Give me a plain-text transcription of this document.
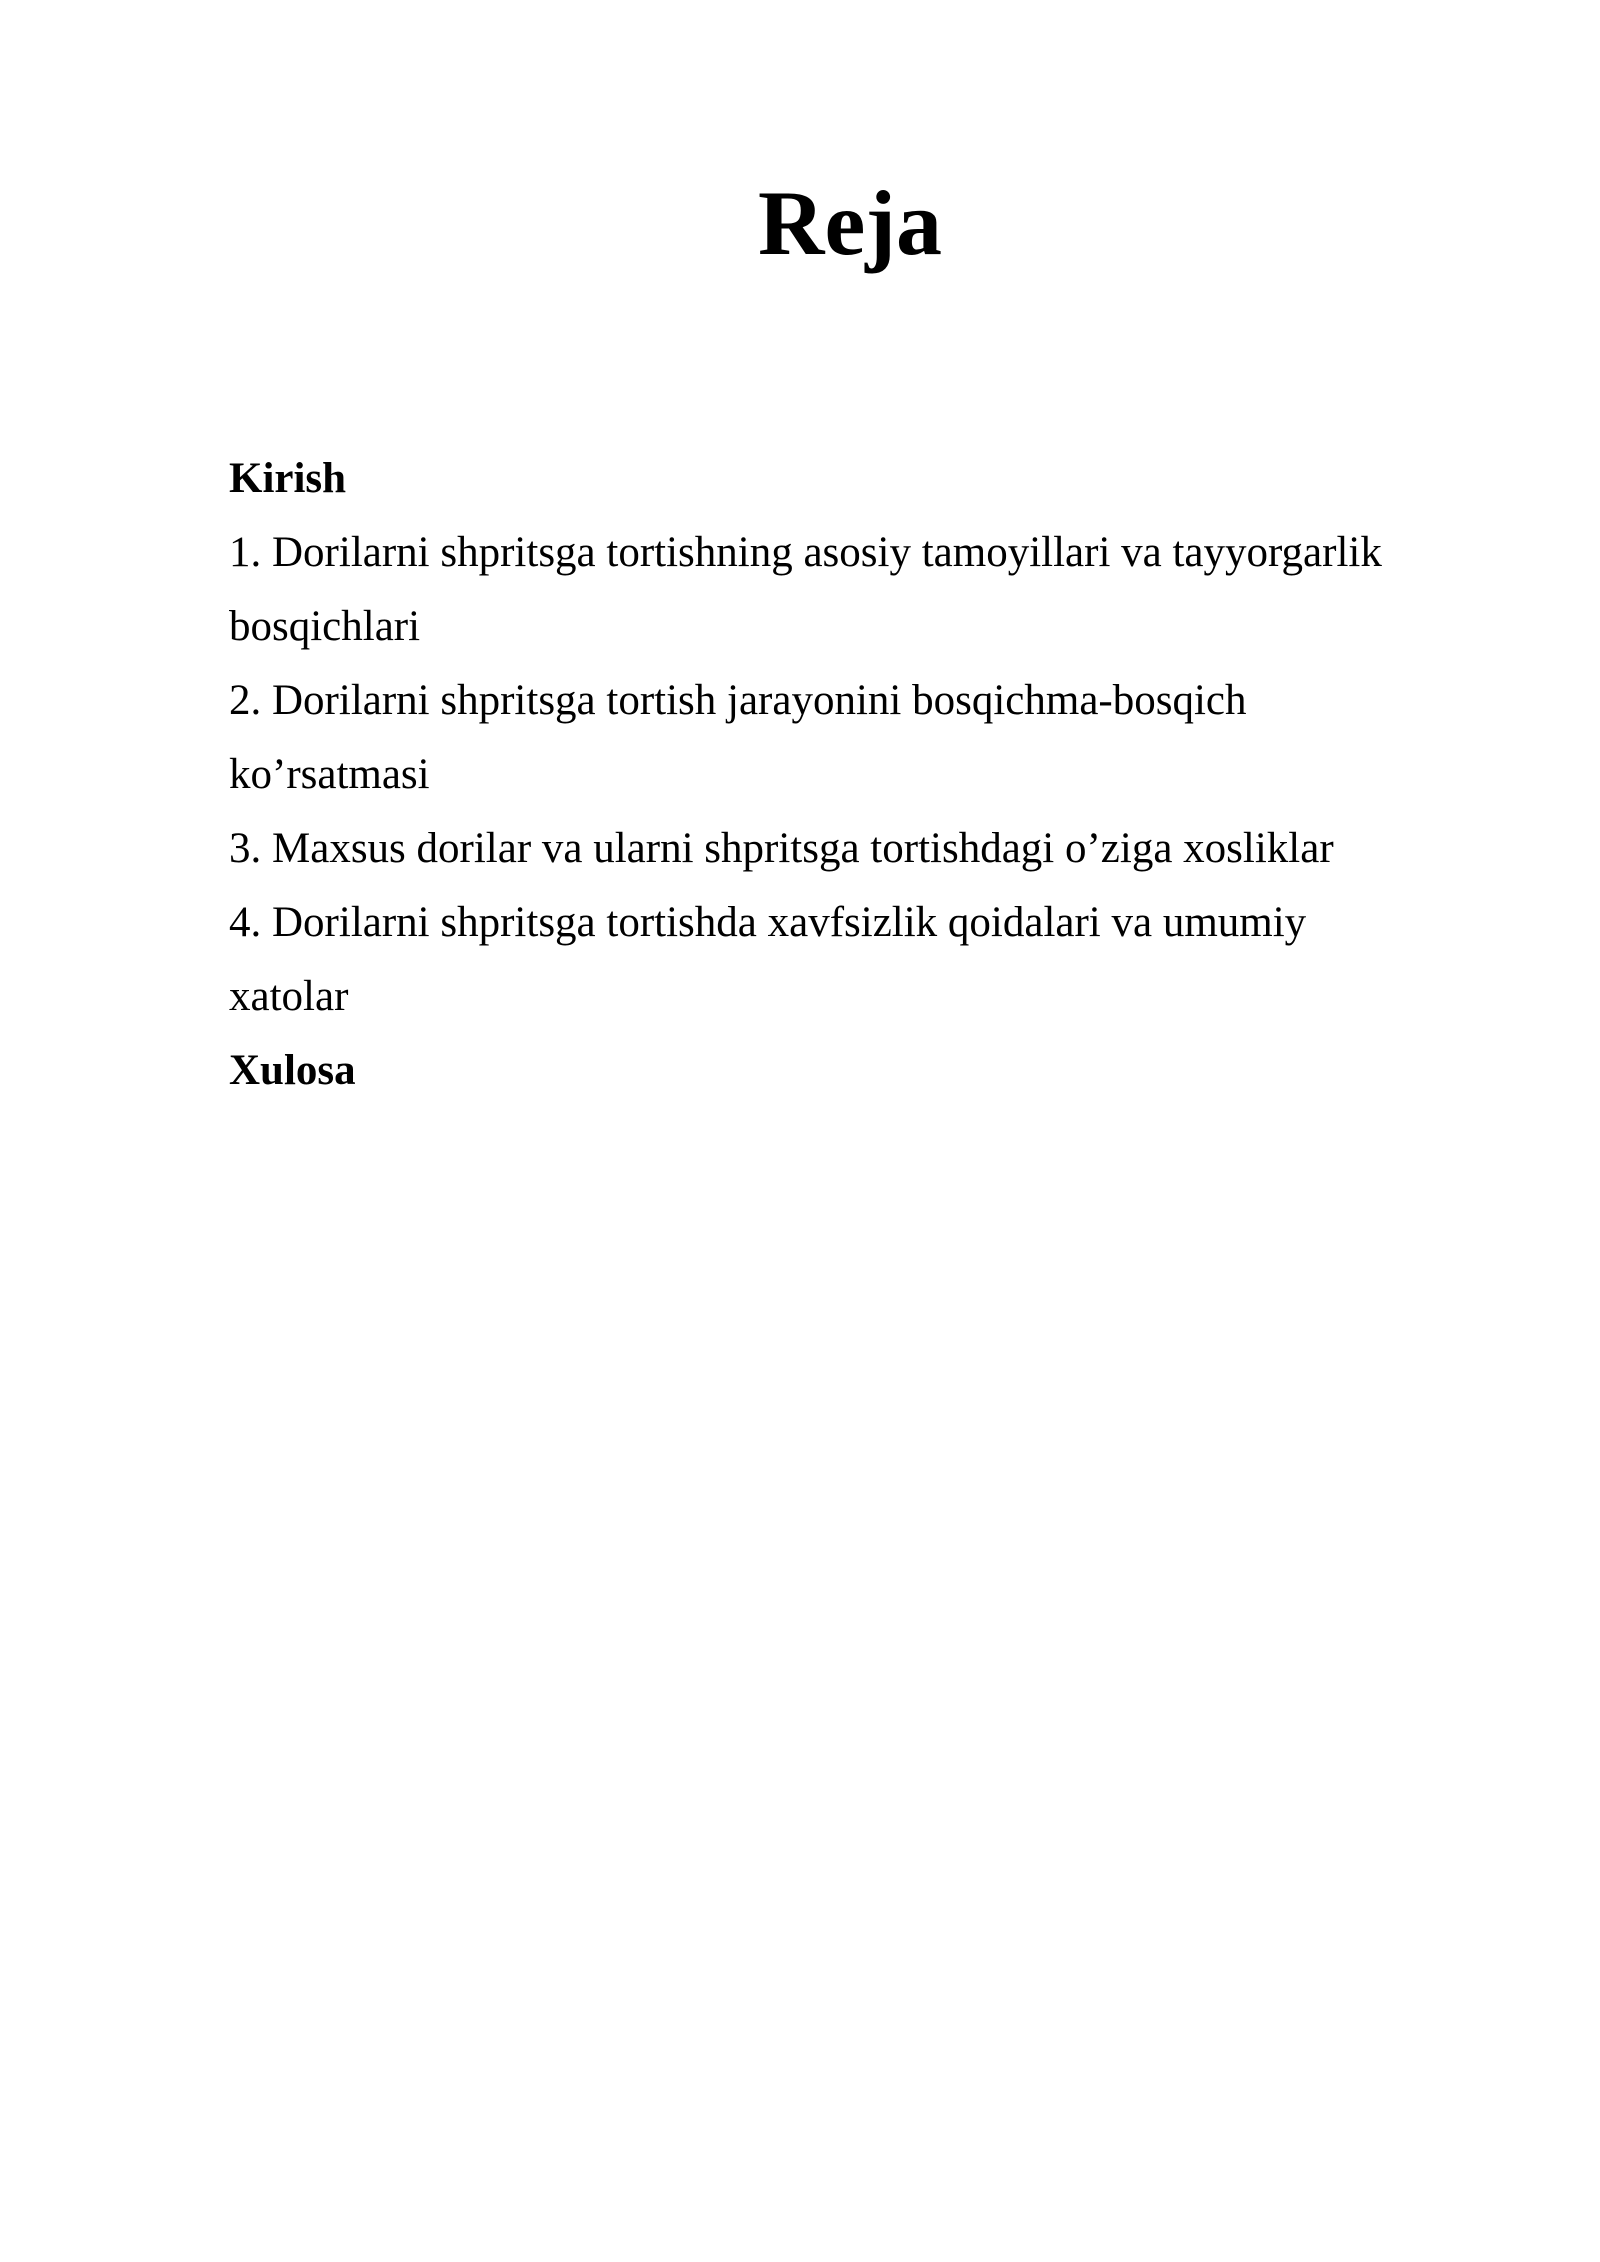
Reja
Kirish
1. Dorilarni shpritsga tortishning asosiy tamoyillari va tayyorgarlik
bosqichlari
2. Dorilarni shpritsga tortish jarayonini bosqichma-bosqich
ko’rsatmasi
3. Maxsus dorilar va ularni shpritsga tortishdagi o’ziga xosliklar
4. Dorilarni shpritsga tortishda xavfsizlik qoidalari va umumiy
xatolar
Xulosa
